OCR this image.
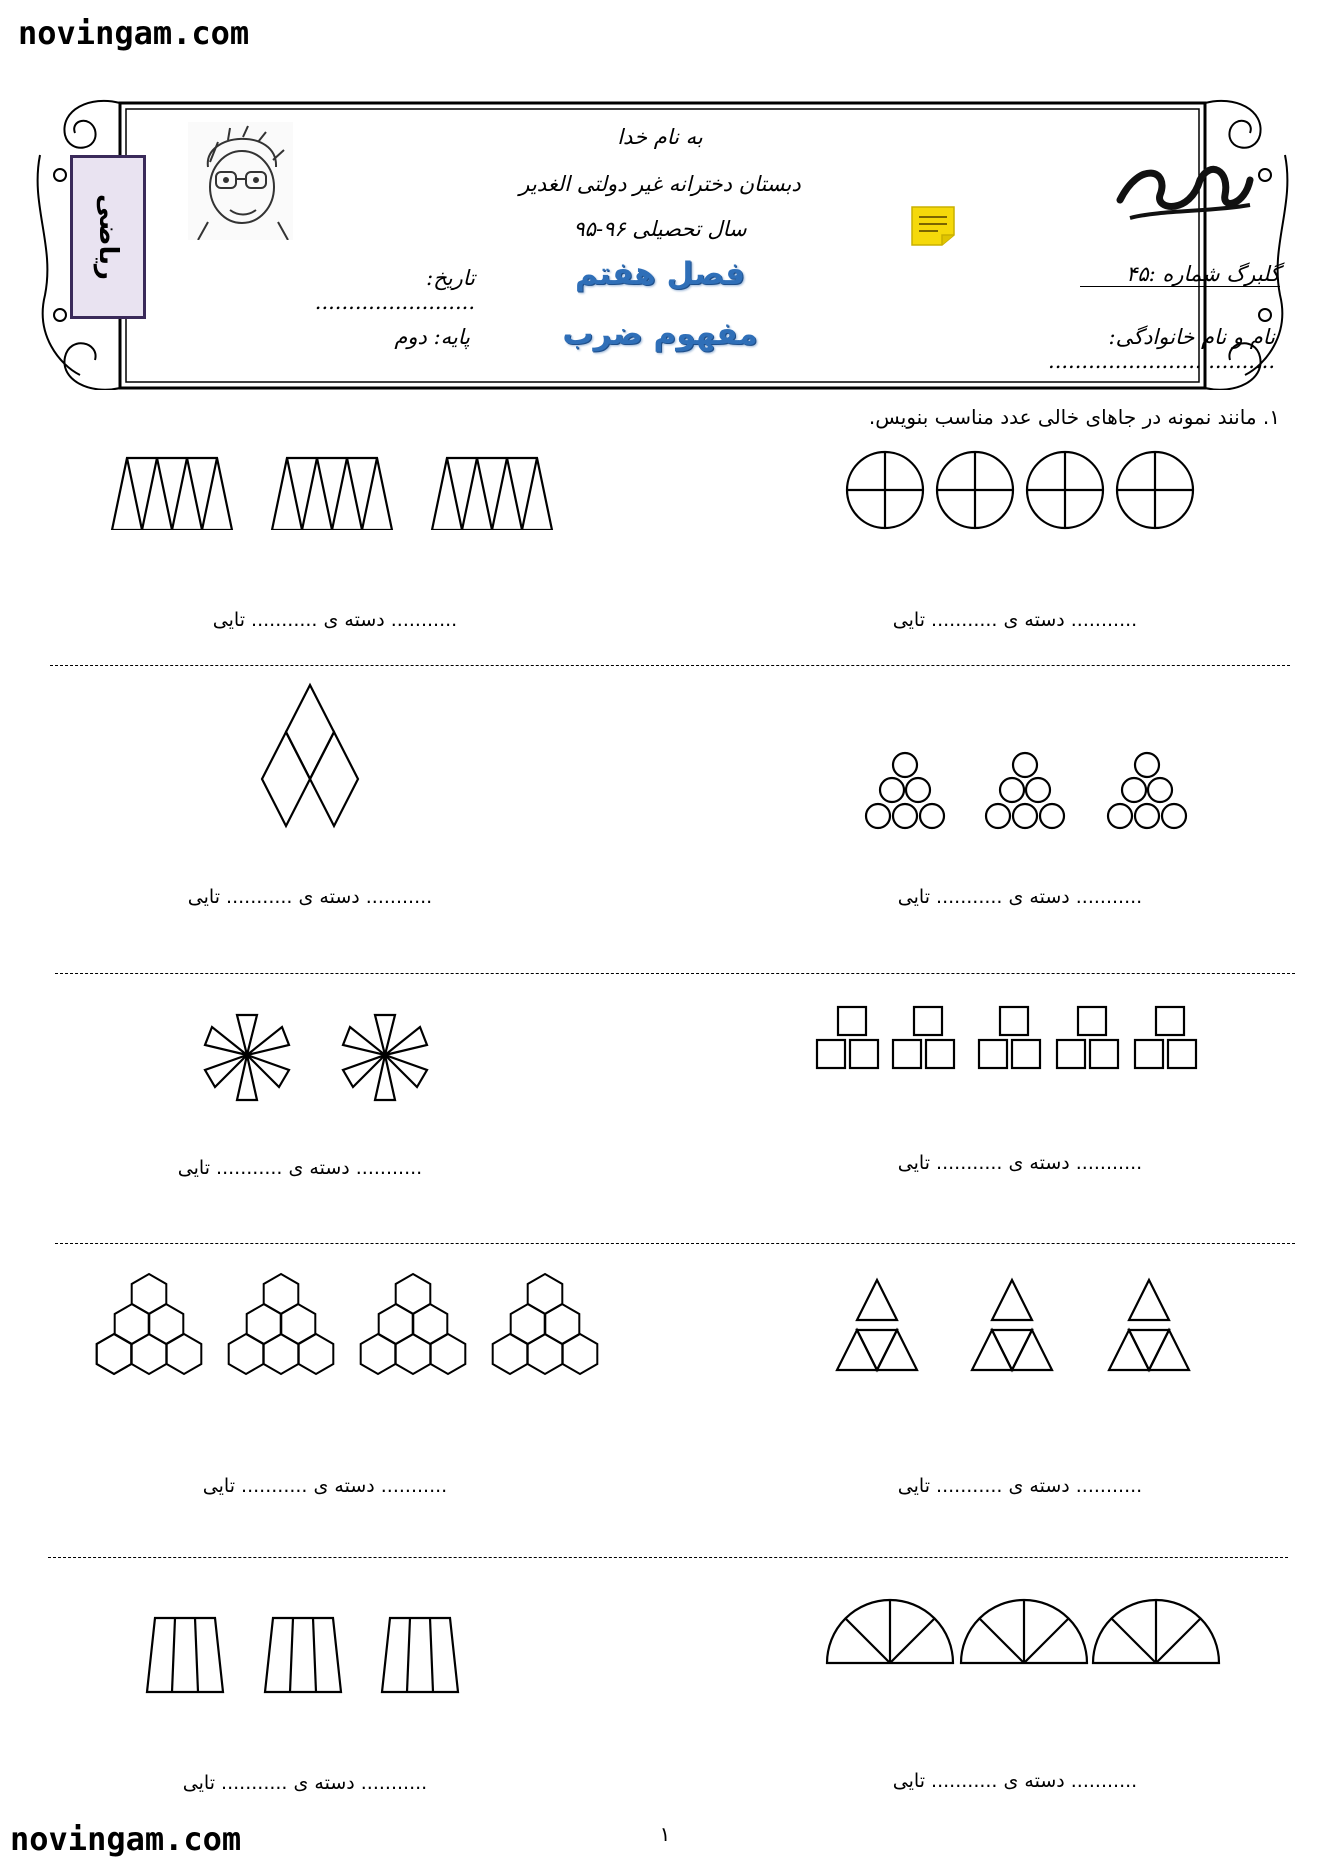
novingam.com
novingam.com
ریاضی
به نام خدا
دبستان دخترانه غیر دولتی الغدیر
سال تحصیلی ۹۶-۹۵
فصل هفتم
مفهوم ضرب
تاریخ: ........................
پایه: دوم
گلبرگ شماره :۴۵
نام و نام خانوادگی: ..................................
۱. مانند نمونه در جاهای خالی عدد مناسب بنویس.
........... دسته ی ........... تایی	........... دسته ی ........... تایی
........... دسته ی ........... تایی	........... دسته ی ........... تایی
........... دسته ی ........... تایی	........... دسته ی ........... تایی
........... دسته ی ........... تایی	........... دسته ی ........... تایی
........... دسته ی ........... تایی	........... دسته ی ........... تایی
۱
